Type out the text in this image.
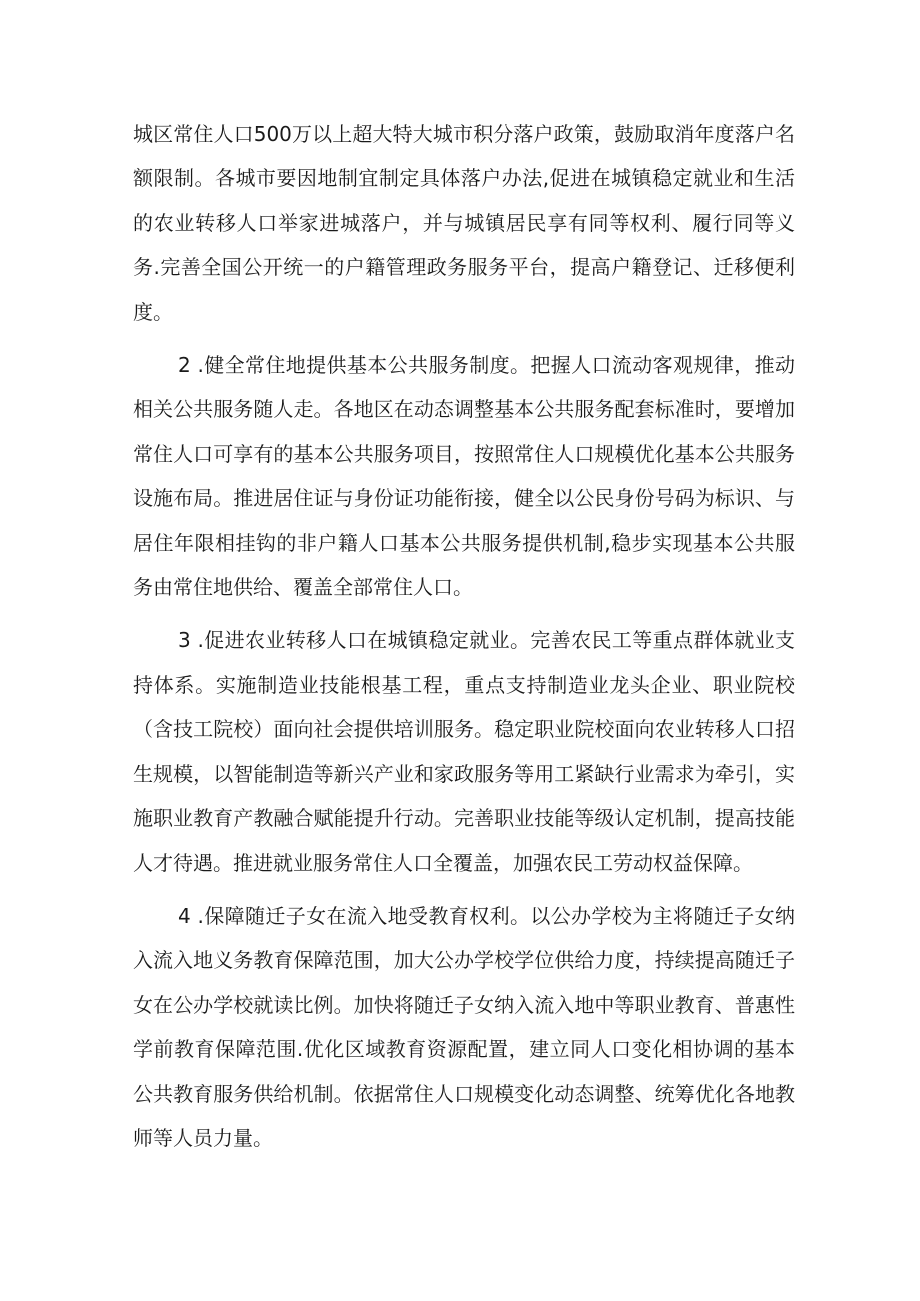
城区常住人口500万以上超大特大城市积分落户政策，鼓励取消年度落户名额限制。各城市要因地制宜制定具体落户办法,促进在城镇稳定就业和生活的农业转移人口举家进城落户，并与城镇居民享有同等权利、履行同等义务.完善全国公开统一的户籍管理政务服务平台，提高户籍登记、迁移便利度。

2 .健全常住地提供基本公共服务制度。把握人口流动客观规律，推动相关公共服务随人走。各地区在动态调整基本公共服务配套标准时，要增加常住人口可享有的基本公共服务项目，按照常住人口规模优化基本公共服务设施布局。推进居住证与身份证功能衔接，健全以公民身份号码为标识、与居住年限相挂钩的非户籍人口基本公共服务提供机制,稳步实现基本公共服务由常住地供给、覆盖全部常住人口。

3 .促进农业转移人口在城镇稳定就业。完善农民工等重点群体就业支持体系。实施制造业技能根基工程，重点支持制造业龙头企业、职业院校（含技工院校）面向社会提供培训服务。稳定职业院校面向农业转移人口招生规模，以智能制造等新兴产业和家政服务等用工紧缺行业需求为牵引，实施职业教育产教融合赋能提升行动。完善职业技能等级认定机制，提高技能人才待遇。推进就业服务常住人口全覆盖，加强农民工劳动权益保障。

4 .保障随迁子女在流入地受教育权利。以公办学校为主将随迁子女纳入流入地义务教育保障范围，加大公办学校学位供给力度，持续提高随迁子女在公办学校就读比例。加快将随迁子女纳入流入地中等职业教育、普惠性学前教育保障范围.优化区域教育资源配置，建立同人口变化相协调的基本公共教育服务供给机制。依据常住人口规模变化动态调整、统筹优化各地教师等人员力量。
